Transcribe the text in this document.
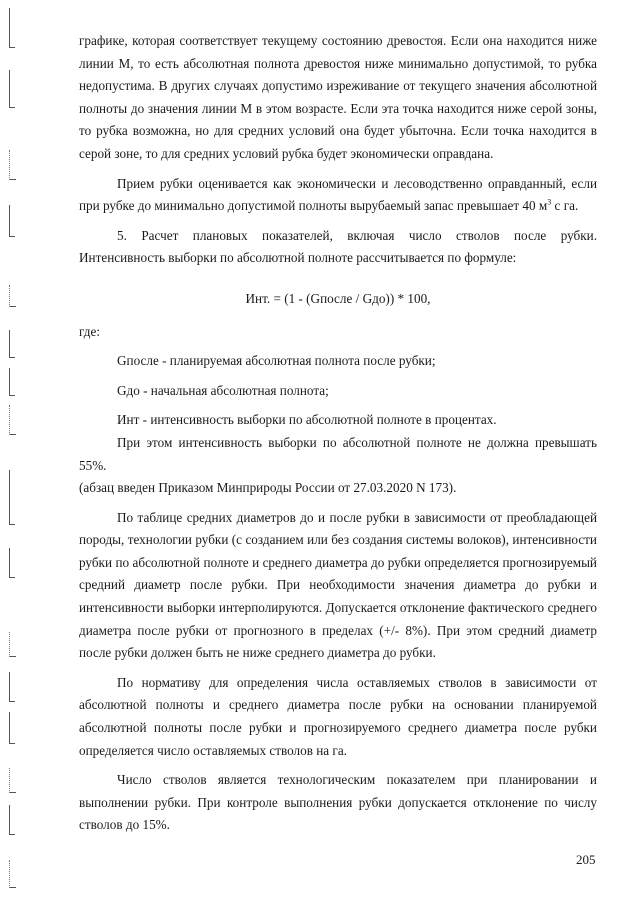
графике, которая соответствует текущему состоянию древостоя. Если она находится ниже линии М, то есть абсолютная полнота древостоя ниже минимально допустимой, то рубка недопустима. В других случаях допустимо изреживание от текущего значения абсолютной полноты до значения линии М в этом возрасте. Если эта точка находится ниже серой зоны, то рубка возможна, но для средних условий она будет убыточна. Если точка находится в серой зоне, то для средних условий рубка будет экономически оправдана.

Прием рубки оценивается как экономически и лесоводственно оправданный, если при рубке до минимально допустимой полноты вырубаемый запас превышает 40 $м^3$ с га.

5. Расчет плановых показателей, включая число стволов после рубки. Интенсивность выборки по абсолютной полноте рассчитывается по формуле:

Инт. = (1 - (Gпосле / Gдо)) * 100,

где:

Gпосле - планируемая абсолютная полнота после рубки;

Gдо - начальная абсолютная полнота;

Инт - интенсивность выборки по абсолютной полноте в процентах.

При этом интенсивность выборки по абсолютной полноте не должна превышать 55%.

(абзац введен Приказом Минприроды России от 27.03.2020 N 173).

По таблице средних диаметров до и после рубки в зависимости от преобладающей породы, технологии рубки (с созданием или без создания системы волоков), интенсивности рубки по абсолютной полноте и среднего диаметра до рубки определяется прогнозируемый средний диаметр после рубки. При необходимости значения диаметра до рубки и интенсивности выборки интерполируются. Допускается отклонение фактического среднего диаметра после рубки от прогнозного в пределах (+/- 8%). При этом средний диаметр после рубки должен быть не ниже среднего диаметра до рубки.

По нормативу для определения числа оставляемых стволов в зависимости от абсолютной полноты и среднего диаметра после рубки на основании планируемой абсолютной полноты после рубки и прогнозируемого среднего диаметра после рубки определяется число оставляемых стволов на га.

Число стволов является технологическим показателем при планировании и выполнении рубки. При контроле выполнения рубки допускается отклонение по числу стволов до 15%.

205
